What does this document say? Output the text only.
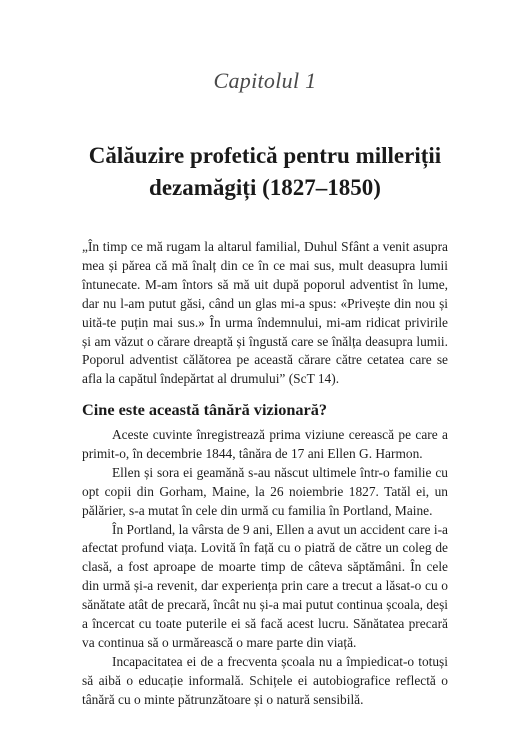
Capitolul 1
Călăuzire profetică pentru milleriții dezamăgiți (1827–1850)
„În timp ce mă rugam la altarul familial, Duhul Sfânt a venit asupra mea și părea că mă înalț din ce în ce mai sus, mult deasupra lumii întunecate. M-am întors să mă uit după poporul adventist în lume, dar nu l-am putut găsi, când un glas mi-a spus: «Privește din nou și uită-te puțin mai sus.» În urma îndemnului, mi-am ridicat privirile și am văzut o cărare dreaptă și îngustă care se înălța deasupra lumii. Poporul adventist călătorea pe această cărare către cetatea care se afla la capătul îndepărtat al drumului” (ScT 14).
Cine este această tânără vizionară?

Aceste cuvinte înregistrează prima viziune cerească pe care a primit-o, în decembrie 1844, tânăra de 17 ani Ellen G. Harmon.

Ellen și sora ei geamănă s-au născut ultimele într-o familie cu opt copii din Gorham, Maine, la 26 noiembrie 1827. Tatăl ei, un pălărier, s-a mutat în cele din urmă cu familia în Portland, Maine.

În Portland, la vârsta de 9 ani, Ellen a avut un accident care i-a afectat profund viața. Lovită în față cu o piatră de către un coleg de clasă, a fost aproape de moarte timp de câteva săptămâni. În cele din urmă și-a revenit, dar experiența prin care a trecut a lăsat-o cu o sănătate atât de precară, încât nu și-a mai putut continua școala, deși a încercat cu toate puterile ei să facă acest lucru. Sănătatea precară va continua să o urmărească o mare parte din viață.

Incapacitatea ei de a frecventa școala nu a împiedicat-o totuși să aibă o educație informală. Schițele ei autobiografice reflectă o tânără cu o minte pătrunzătoare și o natură sensibilă.
